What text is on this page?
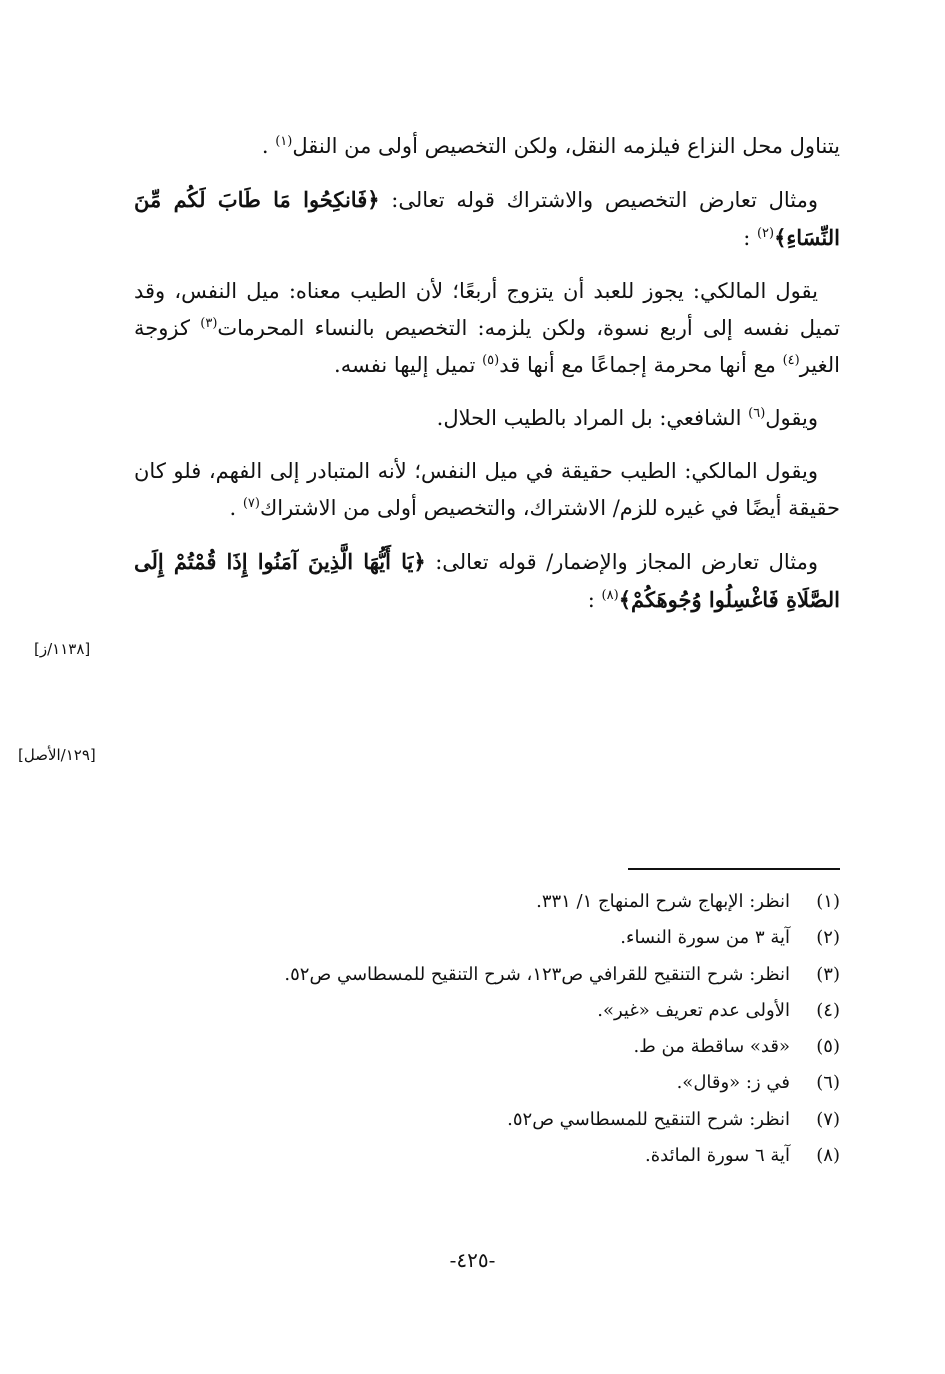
يتناول محل النزاع فيلزمه النقل، ولكن التخصيص أولى من النقل$^{(١)}$ .

ومثال تعارض التخصيص والاشتراك قوله تعالى: ﴿فَانكِحُوا مَا طَابَ لَكُم مِّنَ النِّسَاءِ﴾$^{(٢)}$ :

يقول المالكي: يجوز للعبد أن يتزوج أربعًا؛ لأن الطيب معناه: ميل النفس، وقد تميل نفسه إلى أربع نسوة، ولكن يلزمه: التخصيص بالنساء المحرمات$^{(٣)}$ كزوجة الغير$^{(٤)}$ مع أنها محرمة إجماعًا مع أنها قد$^{(٥)}$ تميل إليها نفسه.

ويقول$^{(٦)}$ الشافعي: بل المراد بالطيب الحلال.

ويقول المالكي: الطيب حقيقة في ميل النفس؛ لأنه المتبادر إلى الفهم، فلو كان حقيقة أيضًا في غيره للزم/ الاشتراك، والتخصيص أولى من الاشتراك$^{(٧)}$ .

ومثال تعارض المجاز والإضمار/ قوله تعالى: ﴿يَا أَيُّهَا الَّذِينَ آمَنُوا إِذَا قُمْتُمْ إِلَى الصَّلَاةِ فَاغْسِلُوا وُجُوهَكُمْ﴾$^{(٨)}$ :

[١١٣٨/ز]
[١٢٩/الأصل]
(١)
انظر: الإبهاج شرح المنهاج ١/ ٣٣١.
(٢)
آية ٣ من سورة النساء.
(٣)
انظر: شرح التنقيح للقرافي ص١٢٣، شرح التنقيح للمسطاسي ص٥٢.
(٤)
الأولى عدم تعريف «غير».
(٥)
«قد» ساقطة من ط.
(٦)
في ز: «وقال».
(٧)
انظر: شرح التنقيح للمسطاسي ص٥٢.
(٨)
آية ٦ سورة المائدة.
-٤٢٥-
